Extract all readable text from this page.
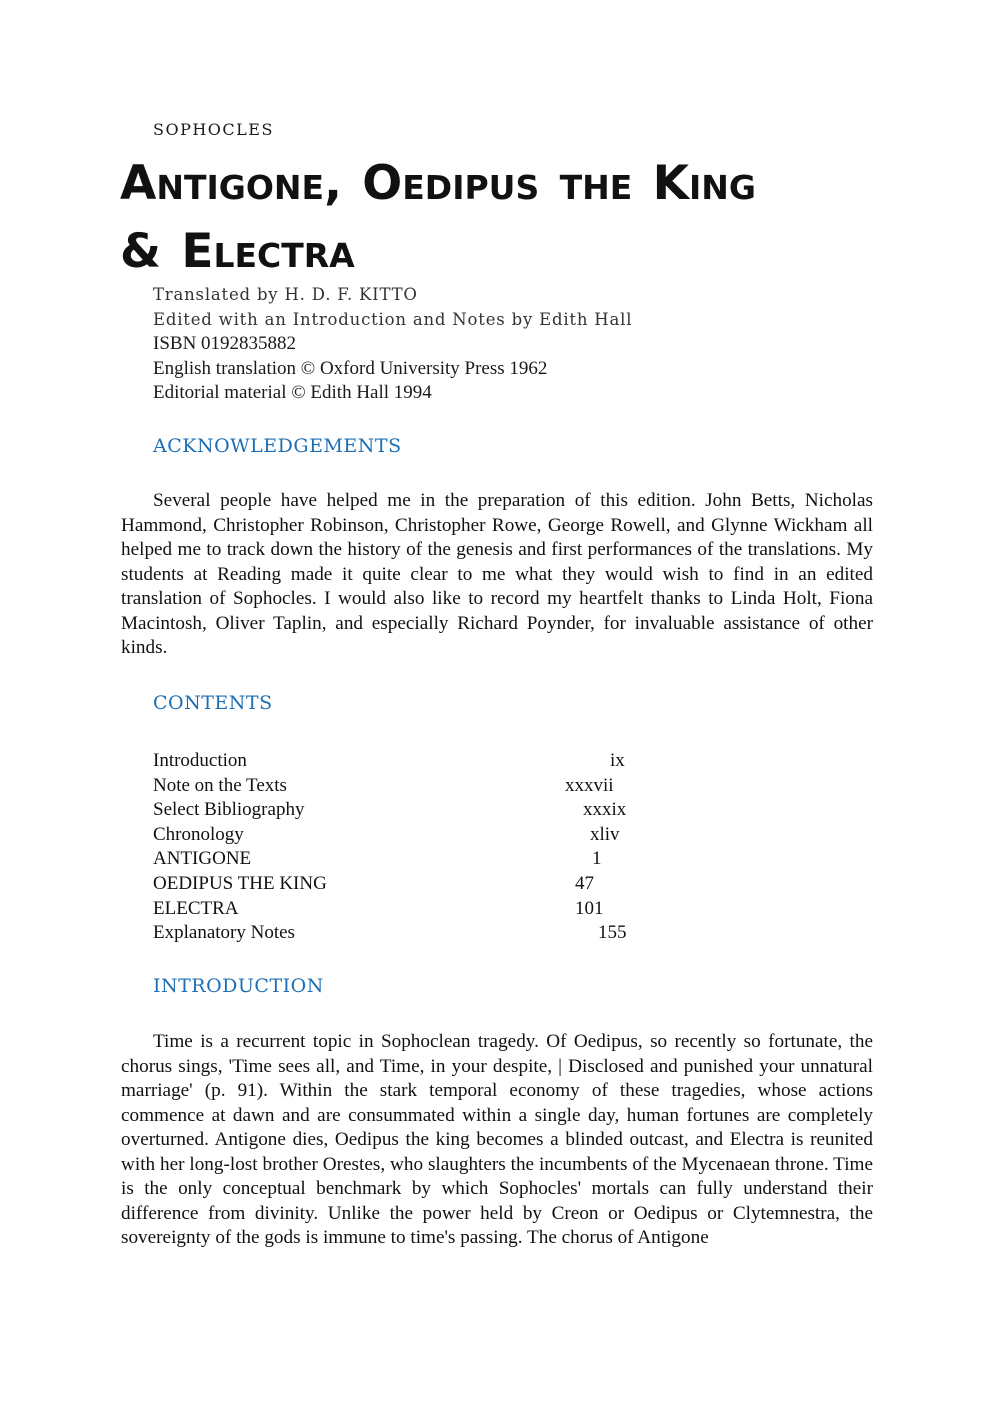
SOPHOCLES
Antigone, Oedipus the King
& Electra
Translated by H. D. F. KITTO
Edited with an Introduction and Notes by Edith Hall
ISBN 0192835882
English translation © Oxford University Press 1962
Editorial material © Edith Hall 1994
ACKNOWLEDGEMENTS
Several people have helped me in the preparation of this edition. John Betts, Nicholas Hammond, Christopher Robinson, Christopher Rowe, George Rowell, and Glynne Wickham all helped me to track down the history of the genesis and first performances of the translations. My students at Reading made it quite clear to me what they would wish to find in an edited translation of Sophocles. I would also like to record my heartfelt thanks to Linda Holt, Fiona Macintosh, Oliver Taplin, and especially Richard Poynder, for invaluable assistance of other kinds.
CONTENTS
Introduction	ix
Note on the Texts	xxxvii
Select Bibliography	xxxix
Chronology	xliv
ANTIGONE	1
OEDIPUS THE KING	47
ELECTRA	101
Explanatory Notes	155
INTRODUCTION
Time is a recurrent topic in Sophoclean tragedy. Of Oedipus, so recently so fortunate, the chorus sings, 'Time sees all, and Time, in your despite, | Disclosed and punished your unnatural marriage' (p. 91). Within the stark temporal economy of these tragedies, whose actions commence at dawn and are consummated within a single day, human fortunes are completely overturned. Antigone dies, Oedipus the king becomes a blinded outcast, and Electra is reunited with her long-lost brother Orestes, who slaughters the incumbents of the Mycenaean throne. Time is the only conceptual benchmark by which Sophocles' mortals can fully understand their difference from divinity. Unlike the power held by Creon or Oedipus or Clytemnestra, the sovereignty of the gods is immune to time's passing. The chorus of Antigone
